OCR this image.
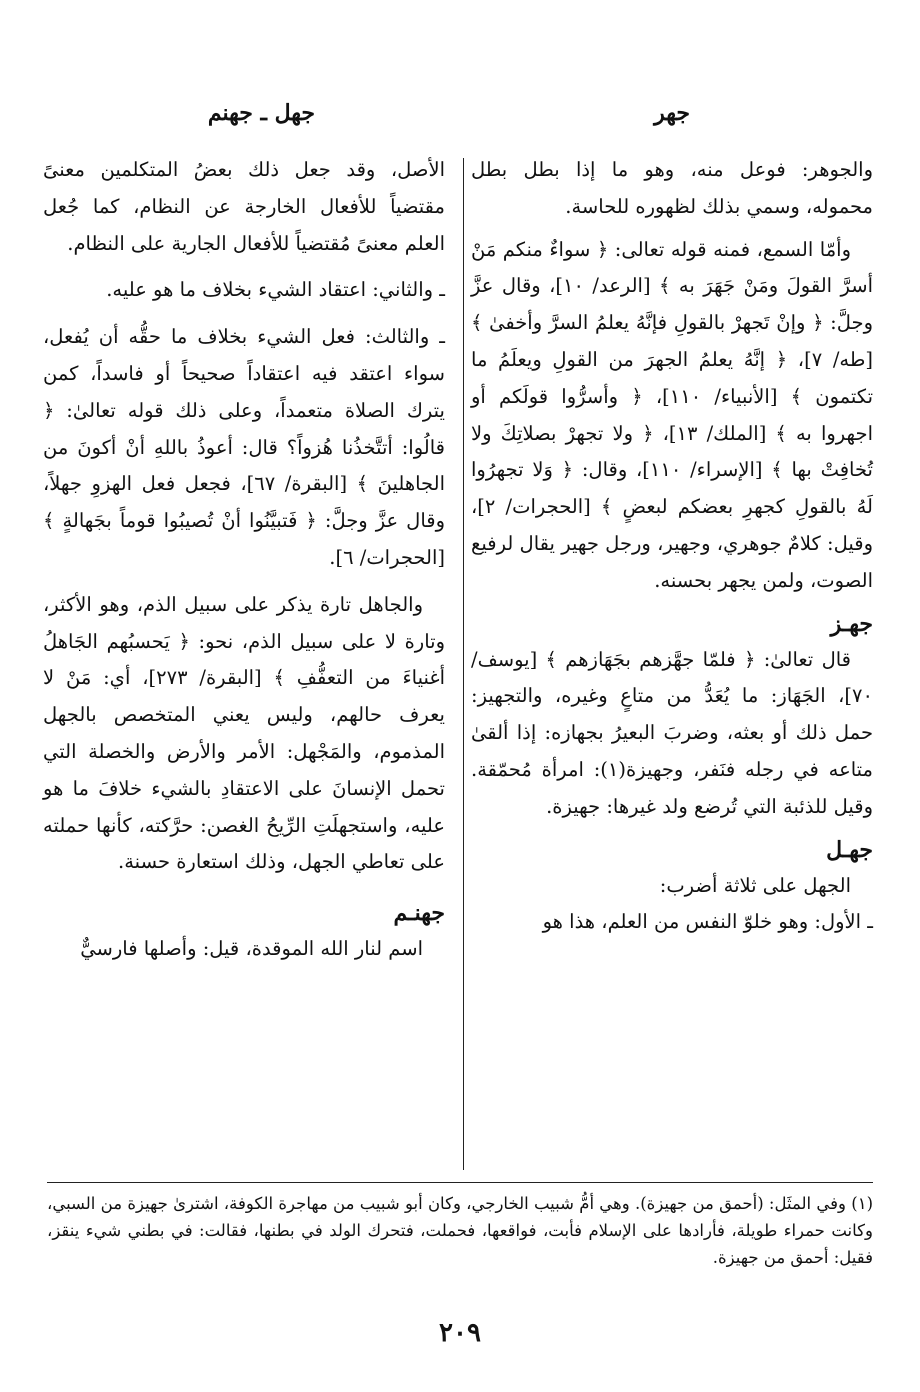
جهر
جهل ـ جهنم

والجوهر: فوعل منه، وهو ما إذا بطل بطل محموله، وسمي بذلك لظهوره للحاسة.

وأمّا السمع، فمنه قوله تعالى: ﴿ سواءٌ منكم مَنْ أسرَّ القولَ ومَنْ جَهَرَ به ﴾ [الرعد/ ١٠]، وقال عزَّ وجلَّ: ﴿ وإنْ تَجهرْ بالقولِ فإنَّهُ يعلمُ السرَّ وأخفىٰ ﴾ [طه/ ٧]، ﴿ إنَّهُ يعلمُ الجهرَ من القولِ ويعلَمُ ما تكتمون ﴾ [الأنبياء/ ١١٠]، ﴿ وأسرُّوا قولَكم أو اجهروا به ﴾ [الملك/ ١٣]، ﴿ ولا تجهرْ بصلاتِكَ ولا تُخافِتْ بها ﴾ [الإسراء/ ١١٠]، وقال: ﴿ وَلا تجهرُوا لَهُ بالقولِ كجهرِ بعضكم لبعضٍ ﴾ [الحجرات/ ٢]، وقيل: كلامٌ جوهري، وجهير، ورجل جهير يقال لرفيع الصوت، ولمن يجهر بحسنه.

جهـز

قال تعالىٰ: ﴿ فلمّا جهَّزهم بجَهَازهم ﴾ [يوسف/٧٠]، الجَهَاز: ما يُعَدُّ من متاعٍ وغيره، والتجهيز: حمل ذلك أو بعثه، وضربَ البعيرُ بجهازه: إذا ألقىٰ متاعه في رجله فنَفر، وجهيزة(١): امرأة مُحمّقة. وقيل للذئبة التي تُرضع ولد غيرها: جهيزة.

جهـل

الجهل على ثلاثة أضرب:

ـ الأول: وهو خلوّ النفس من العلم، هذا هو

الأصل، وقد جعل ذلك بعضُ المتكلمين معنىً مقتضياً للأفعال الخارجة عن النظام، كما جُعل العلم معنىً مُقتضياً للأفعال الجارية على النظام.

ـ والثاني: اعتقاد الشيء بخلاف ما هو عليه.

ـ والثالث: فعل الشيء بخلاف ما حقُّه أن يُفعل، سواء اعتقد فيه اعتقاداً صحيحاً أو فاسداً، كمن يترك الصلاة متعمداً، وعلى ذلك قوله تعالىٰ: ﴿ قالُوا: أتتَّخذُنا هُزواً؟ قال: أعوذُ باللهِ أنْ أكونَ من الجاهلينَ ﴾ [البقرة/ ٦٧]، فجعل فعل الهزوِ جهلاً، وقال عزَّ وجلَّ: ﴿ فَتبيَّنُوا أنْ تُصيبُوا قوماً بجَهالةٍ ﴾ [الحجرات/ ٦].

والجاهل تارة يذكر على سبيل الذم، وهو الأكثر، وتارة لا على سبيل الذم، نحو: ﴿ يَحسبُهم الجَاهلُ أغنياءَ من التعفُّفِ ﴾ [البقرة/ ٢٧٣]، أي: مَنْ لا يعرف حالهم، وليس يعني المتخصص بالجهل المذموم، والمَجْهل: الأمر والأرض والخصلة التي تحمل الإنسانَ على الاعتقادِ بالشيء خلافَ ما هو عليه، واستجهلَتِ الرِّيحُ الغصن: حرَّكته، كأنها حملته على تعاطي الجهل، وذلك استعارة حسنة.

جهنـم

اسم لنار الله الموقدة، قيل: وأصلها فارسيٌّ

(١) وفي المثَل: (أحمق من جهيزة). وهي أمُّ شبيب الخارجي، وكان أبو شبيب من مهاجرة الكوفة، اشترىٰ جهيزة من السبي، وكانت حمراء طويلة، فأرادها على الإسلام فأبت، فواقعها، فحملت، فتحرك الولد في بطنها، فقالت: في بطني شيء ينقز، فقيل: أحمق من جهيزة.
٢٠٩
